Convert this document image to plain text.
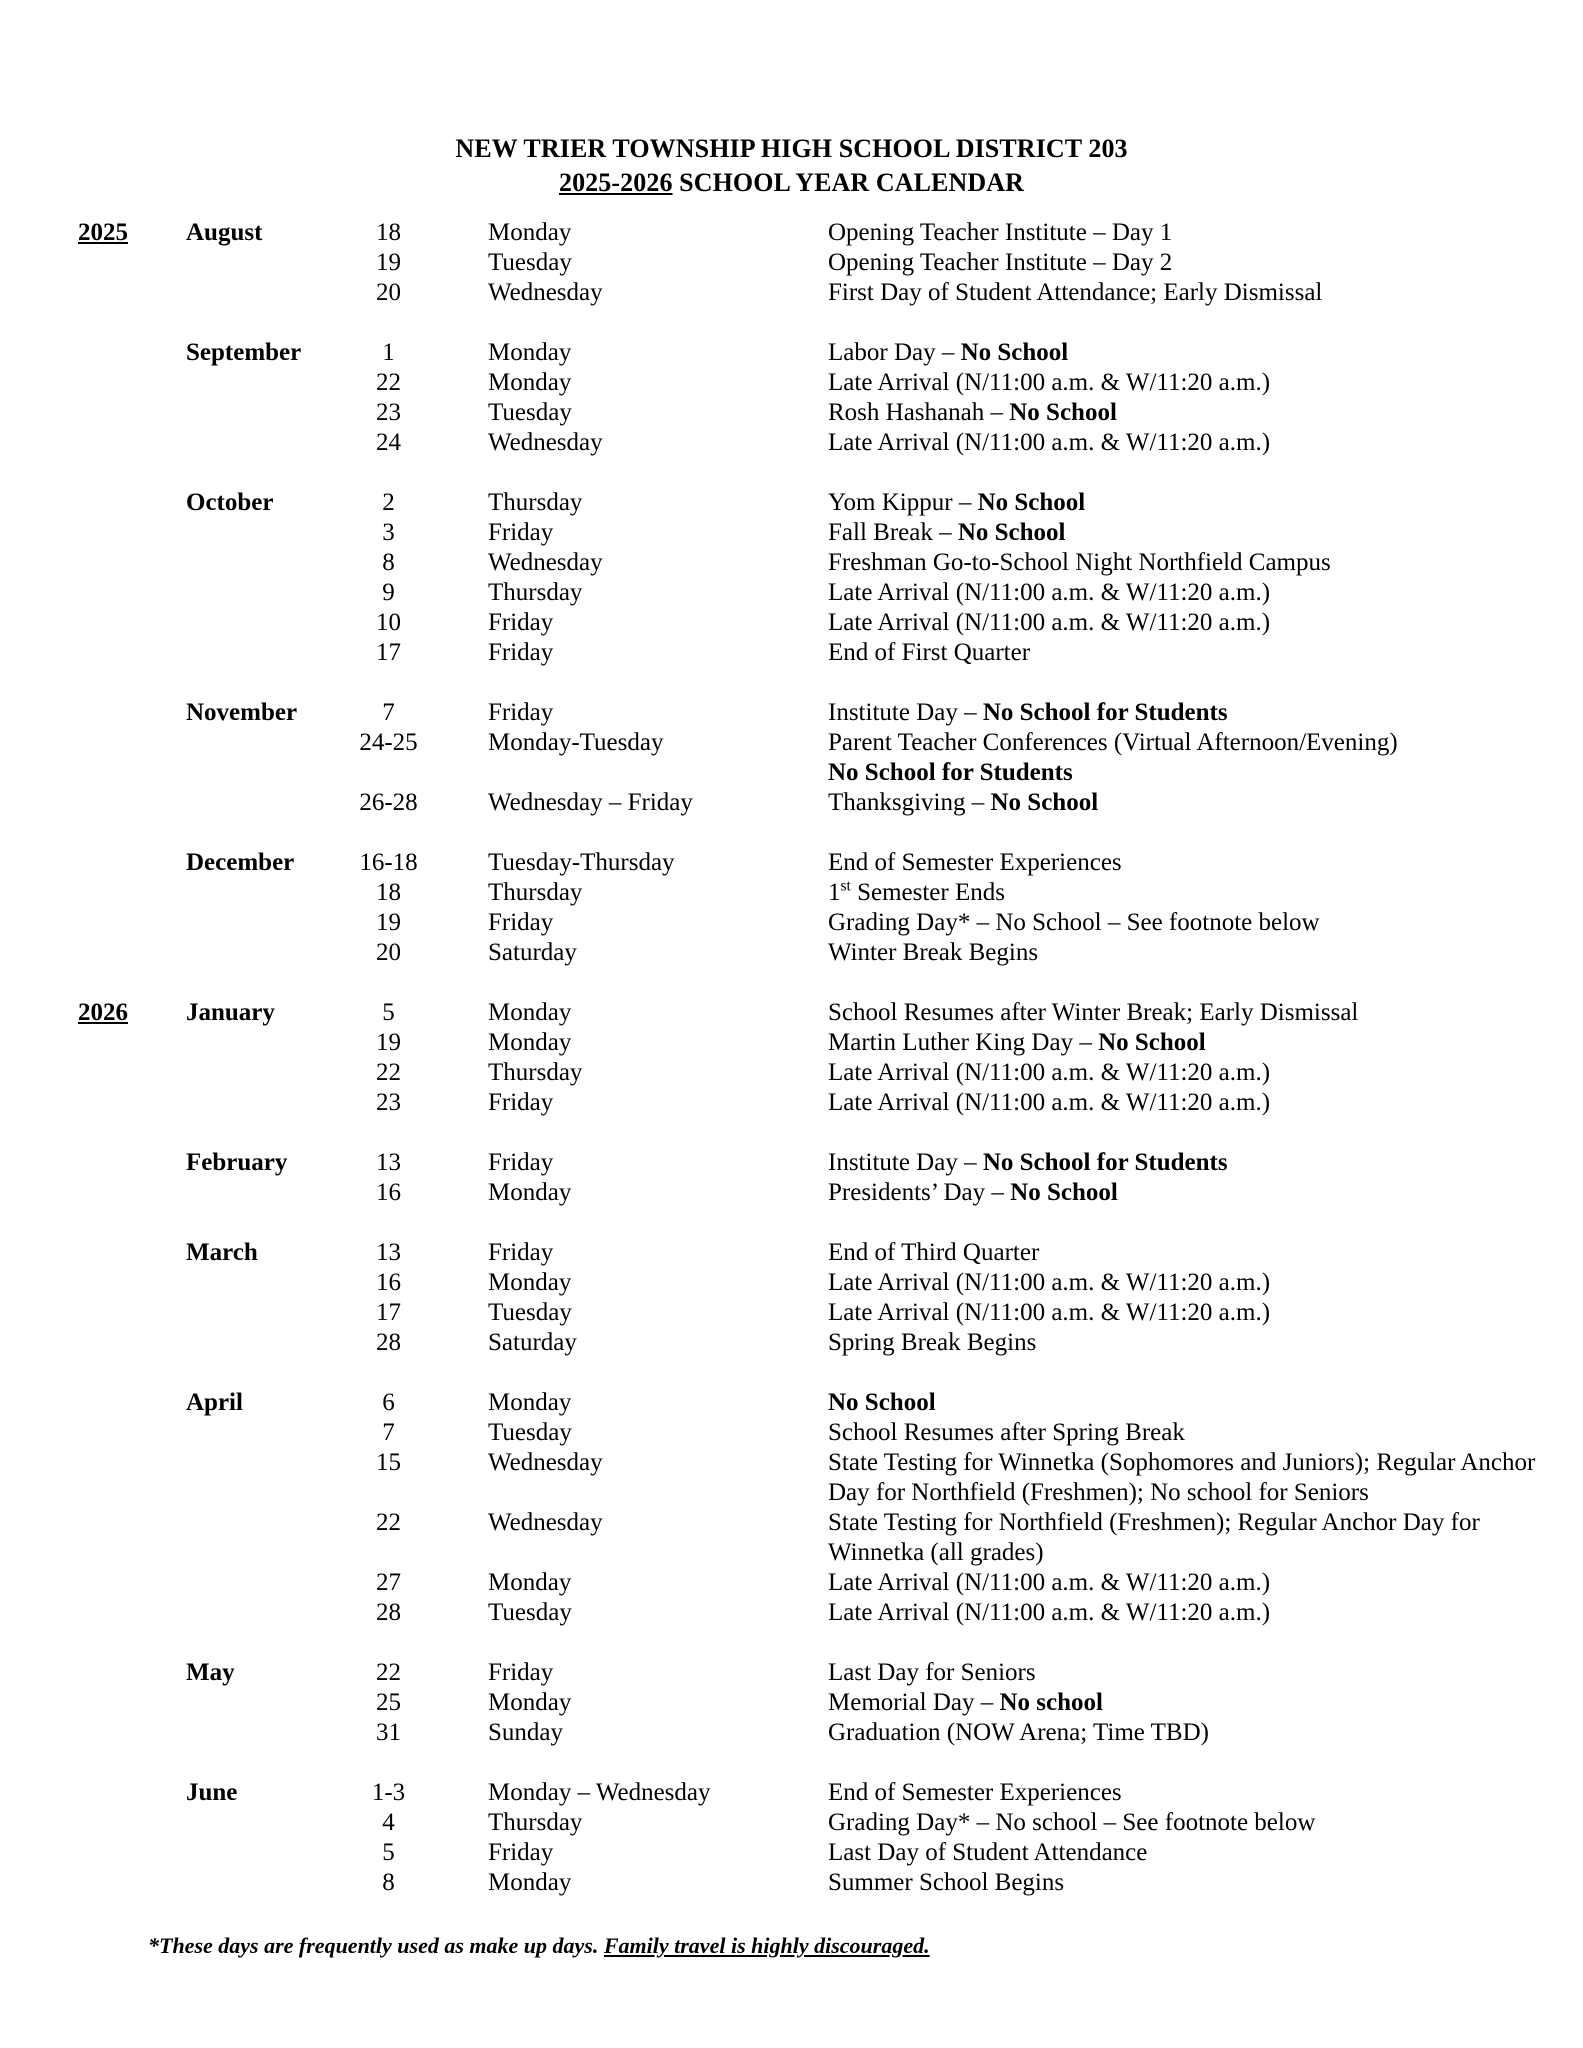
NEW TRIER TOWNSHIP HIGH SCHOOL DISTRICT 203
2025-2026 SCHOOL YEAR CALENDAR
2025	August	18		Monday	Opening Teacher Institute – Day 1
		19		Tuesday	Opening Teacher Institute – Day 2
		20		Wednesday	First Day of Student Attendance; Early Dismissal

	September	1		Monday	Labor Day – No School
		22		Monday	Late Arrival (N/11:00 a.m. & W/11:20 a.m.)
		23		Tuesday	Rosh Hashanah – No School
		24		Wednesday	Late Arrival (N/11:00 a.m. & W/11:20 a.m.)

	October	2		Thursday	Yom Kippur – No School
		3		Friday	Fall Break – No School
		8		Wednesday	Freshman Go-to-School Night Northfield Campus
		9		Thursday	Late Arrival (N/11:00 a.m. & W/11:20 a.m.)
		10		Friday	Late Arrival (N/11:00 a.m. & W/11:20 a.m.)
		17		Friday	End of First Quarter

	November	7		Friday	Institute Day – No School for Students
		24-25		Monday-Tuesday	Parent Teacher Conferences (Virtual Afternoon/Evening)
No School for Students
		26-28		Wednesday – Friday	Thanksgiving – No School

	December	16-18		Tuesday-Thursday	End of Semester Experiences
		18		Thursday	1st Semester Ends
		19		Friday	Grading Day* – No School – See footnote below
		20		Saturday	Winter Break Begins

2026	January	5		Monday	School Resumes after Winter Break; Early Dismissal
		19		Monday	Martin Luther King Day – No School
		22		Thursday	Late Arrival (N/11:00 a.m. & W/11:20 a.m.)
		23		Friday	Late Arrival (N/11:00 a.m. & W/11:20 a.m.)

	February	13		Friday	Institute Day – No School for Students
		16		Monday	Presidents’ Day – No School

	March	13		Friday	End of Third Quarter
		16		Monday	Late Arrival (N/11:00 a.m. & W/11:20 a.m.)
		17		Tuesday	Late Arrival (N/11:00 a.m. & W/11:20 a.m.)
		28		Saturday	Spring Break Begins

	April	6		Monday	No School
		7		Tuesday	School Resumes after Spring Break
		15		Wednesday	State Testing for Winnetka (Sophomores and Juniors); Regular Anchor Day for Northfield (Freshmen); No school for Seniors
		22		Wednesday	State Testing for Northfield (Freshmen); Regular Anchor Day for Winnetka (all grades)
		27		Monday	Late Arrival (N/11:00 a.m. & W/11:20 a.m.)
		28		Tuesday	Late Arrival (N/11:00 a.m. & W/11:20 a.m.)

	May	22		Friday	Last Day for Seniors
		25		Monday	Memorial Day – No school
		31		Sunday	Graduation (NOW Arena; Time TBD)

	June	1-3		Monday – Wednesday	End of Semester Experiences
		4		Thursday	Grading Day* – No school – See footnote below
		5		Friday	Last Day of Student Attendance
		8		Monday	Summer School Begins
*These days are frequently used as make up days. Family travel is highly discouraged.
